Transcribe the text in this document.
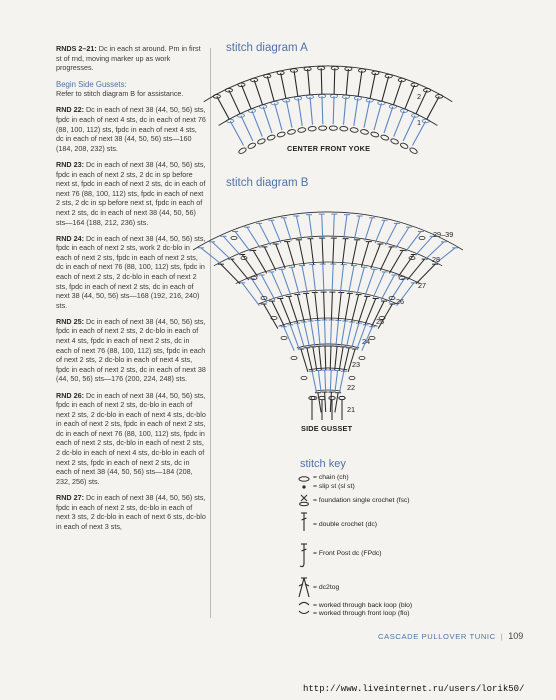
RNDS 2–21: Dc in each st around. Pm in first st of rnd, moving marker up as work progresses.

Begin Side Gussets:

Refer to stitch diagram B for assistance.

RND 22: Dc in each of next 38 (44, 50, 56) sts, fpdc in each of next 4 sts, dc in each of next 76 (88, 100, 112) sts, fpdc in each of next 4 sts, dc in each of next 38 (44, 50, 56) sts—160 (184, 208, 232) sts.

RND 23: Dc in each of next 38 (44, 50, 56) sts, fpdc in each of next 2 sts, 2 dc in sp before next st, fpdc in each of next 2 sts, dc in each of next 76 (88, 100, 112) sts, fpdc in each of next 2 sts, 2 dc in sp before next st, fpdc in each of next 2 sts, dc in each of next 38 (44, 50, 56) sts—164 (188, 212, 236) sts.

RND 24: Dc in each of next 38 (44, 50, 56) sts, fpdc in each of next 2 sts, work 2 dc-blo in each of next 2 sts, fpdc in each of next 2 sts, dc in each of next 76 (88, 100, 112) sts, fpdc in each of next 2 sts, 2 dc-blo in each of next 2 sts, fpdc in each of next 2 sts, dc in each of next 38 (44, 50, 56) sts—168 (192, 216, 240) sts.

RND 25: Dc in each of next 38 (44, 50, 56) sts, fpdc in each of next 2 sts, 2 dc-blo in each of next 4 sts, fpdc in each of next 2 sts, dc in each of next 76 (88, 100, 112) sts, fpdc in each of next 2 sts, 2 dc-blo in each of next 4 sts, fpdc in each of next 2 sts, dc in each of next 38 (44, 50, 56) sts—176 (200, 224, 248) sts.

RND 26: Dc in each of next 38 (44, 50, 56) sts, fpdc in each of next 2 sts, dc-blo in each of next 2 sts, 2 dc-blo in each of next 4 sts, dc-blo in each of next 2 sts, fpdc in each of next 2 sts, dc in each of next 76 (88, 100, 112) sts, fpdc in each of next 2 sts, dc-blo in each of next 2 sts, 2 dc-blo in each of next 4 sts, dc-blo in each of next 2 sts, fpdc in each of next 2 sts, dc in each of next 38 (44, 50, 56) sts—184 (208, 232, 256) sts.

RND 27: Dc in each of next 38 (44, 50, 56) sts, fpdc in each of next 2 sts, dc-blo in each of next 3 sts, 2 dc-blo in each of next 6 sts, dc-blo in each of next 3 sts,

stitch diagram A
2
1
CENTER FRONT YOKE
stitch diagram B
29–39
28
27
26
25
24
23
22
21
SIDE GUSSET
stitch key
= chain (ch)
= slip st (sl st)
= foundation single crochet (fsc)
= double crochet (dc)
= Front Post dc (FPdc)
= dc2tog
= worked through back loop (blo)
= worked through front loop (flo)
CASCADE PULLOVER TUNIC | 109
http://www.liveinternet.ru/users/lorik50/
